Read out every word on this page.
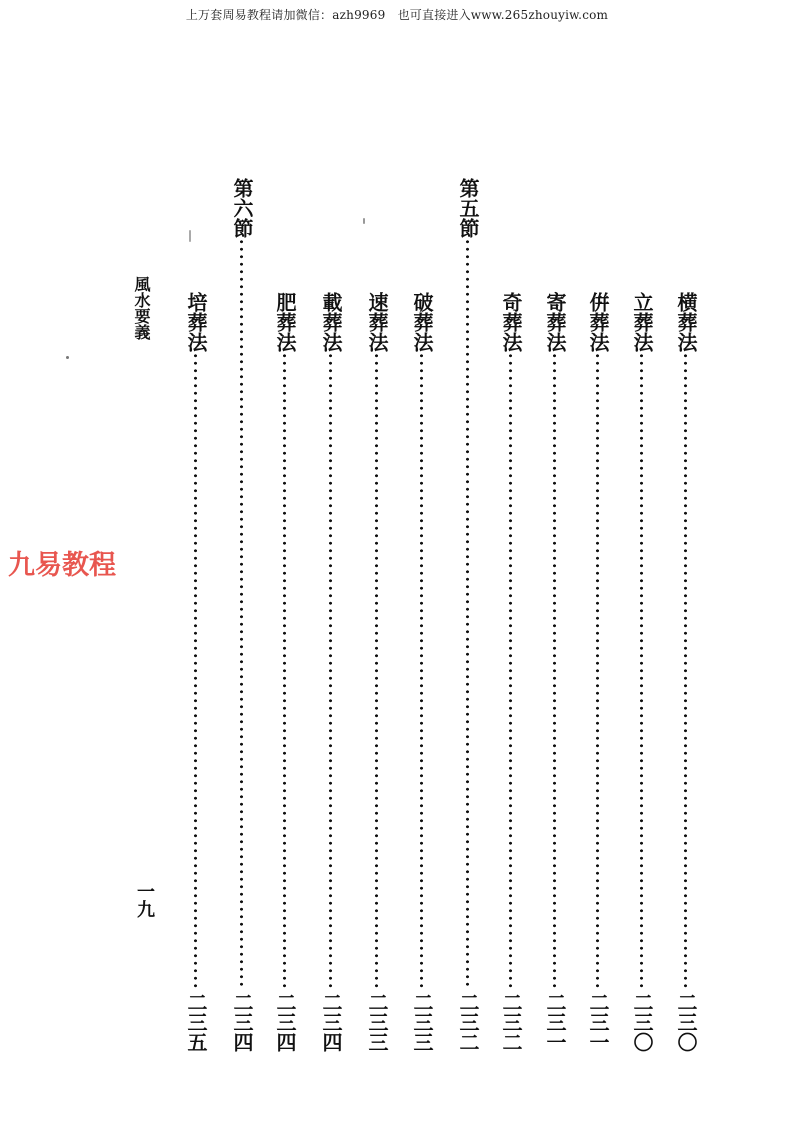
上万套周易教程请加微信：azh9969　也可直接进入www.265zhouyiw.com
九易教程
風水要義
一九
横葬法
二三〇
立葬法
二三〇
倂葬法
二三一
寄葬法
二三一
奇葬法
二三二
第五節
二三二
破葬法
二三三
速葬法
二三三
載葬法
二三四
肥葬法
二三四
第六節
二三四
培葬法
二三五
